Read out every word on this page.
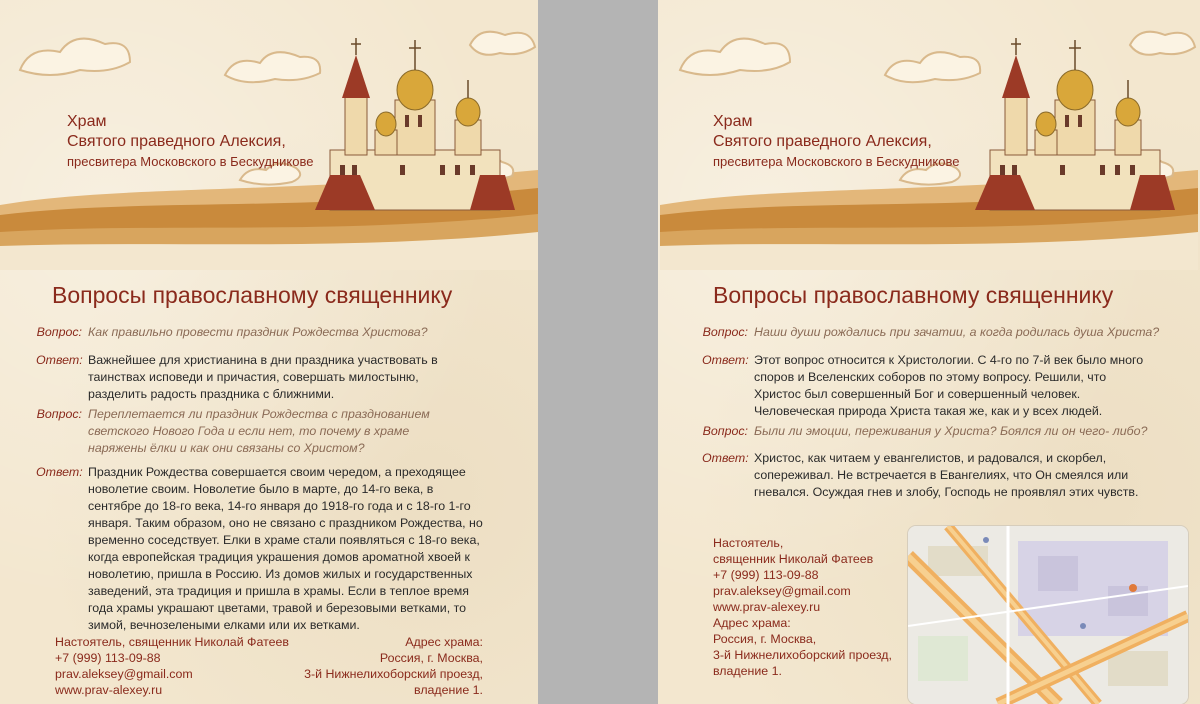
Храм
Святого праведного Алексия,
пресвитера Московского в Бескудникове
Вопросы православному священнику
Вопрос: Как правильно провести праздник Рождества Христова?
Ответ: Важнейшее для христианина в дни праздника участвовать в таинствах исповеди и причастия, совершать милостыню, разделить радость праздника с ближними.
Вопрос: Переплетается ли праздник Рождества с празднованием светского Нового Года и если нет, то почему в храме наряжены ёлки и как они связаны со Христом?
Ответ: Праздник Рождества совершается своим чередом, а преходящее новолетие своим. Новолетие было в марте, до 14-го века, в сентябре до 18-го века, 14-го января до 1918-го года и с 18-го 1-го января. Таким образом, оно не связано с праздником Рождества, но временно соседствует. Елки в храме стали появляться с 18-го века, когда европейская традиция украшения домов ароматной хвоей к новолетию, пришла в Россию. Из домов жилых и государственных заведений, эта традиция и пришла в храмы. Если в теплое время года храмы украшают цветами, травой и березовыми ветками, то зимой, вечнозелеными елками или их ветками.
Настоятель, священник Николай Фатеев
+7 (999) 113-09-88
prav.aleksey@gmail.com
www.prav-alexey.ru
Адрес храма:
Россия, г. Москва,
3-й Нижнелихоборский проезд,
владение 1.
Храм
Святого праведного Алексия,
пресвитера Московского в Бескудникове
Вопросы православному священнику
Вопрос: Наши души рождались при зачатии, а когда родилась душа Христа?
Ответ: Этот вопрос относится к Христологии. С 4-го по 7-й век было много споров и Вселенских соборов по этому вопросу. Решили, что Христос был совершенный Бог и совершенный человек. Человеческая природа Христа такая же, как и у всех людей.
Вопрос: Были ли эмоции, переживания у Христа? Боялся ли он чего- либо?
Ответ: Христос, как читаем у евангелистов, и радовался, и скорбел, сопереживал. Не встречается в Евангелиях, что Он смеялся или гневался. Осуждая гнев и злобу, Господь не проявлял этих чувств.
Настоятель,
священник Николай Фатеев
+7 (999) 113-09-88
prav.aleksey@gmail.com
www.prav-alexey.ru
Адрес храма:
Россия, г. Москва,
3-й Нижнелихоборский проезд,
владение 1.
